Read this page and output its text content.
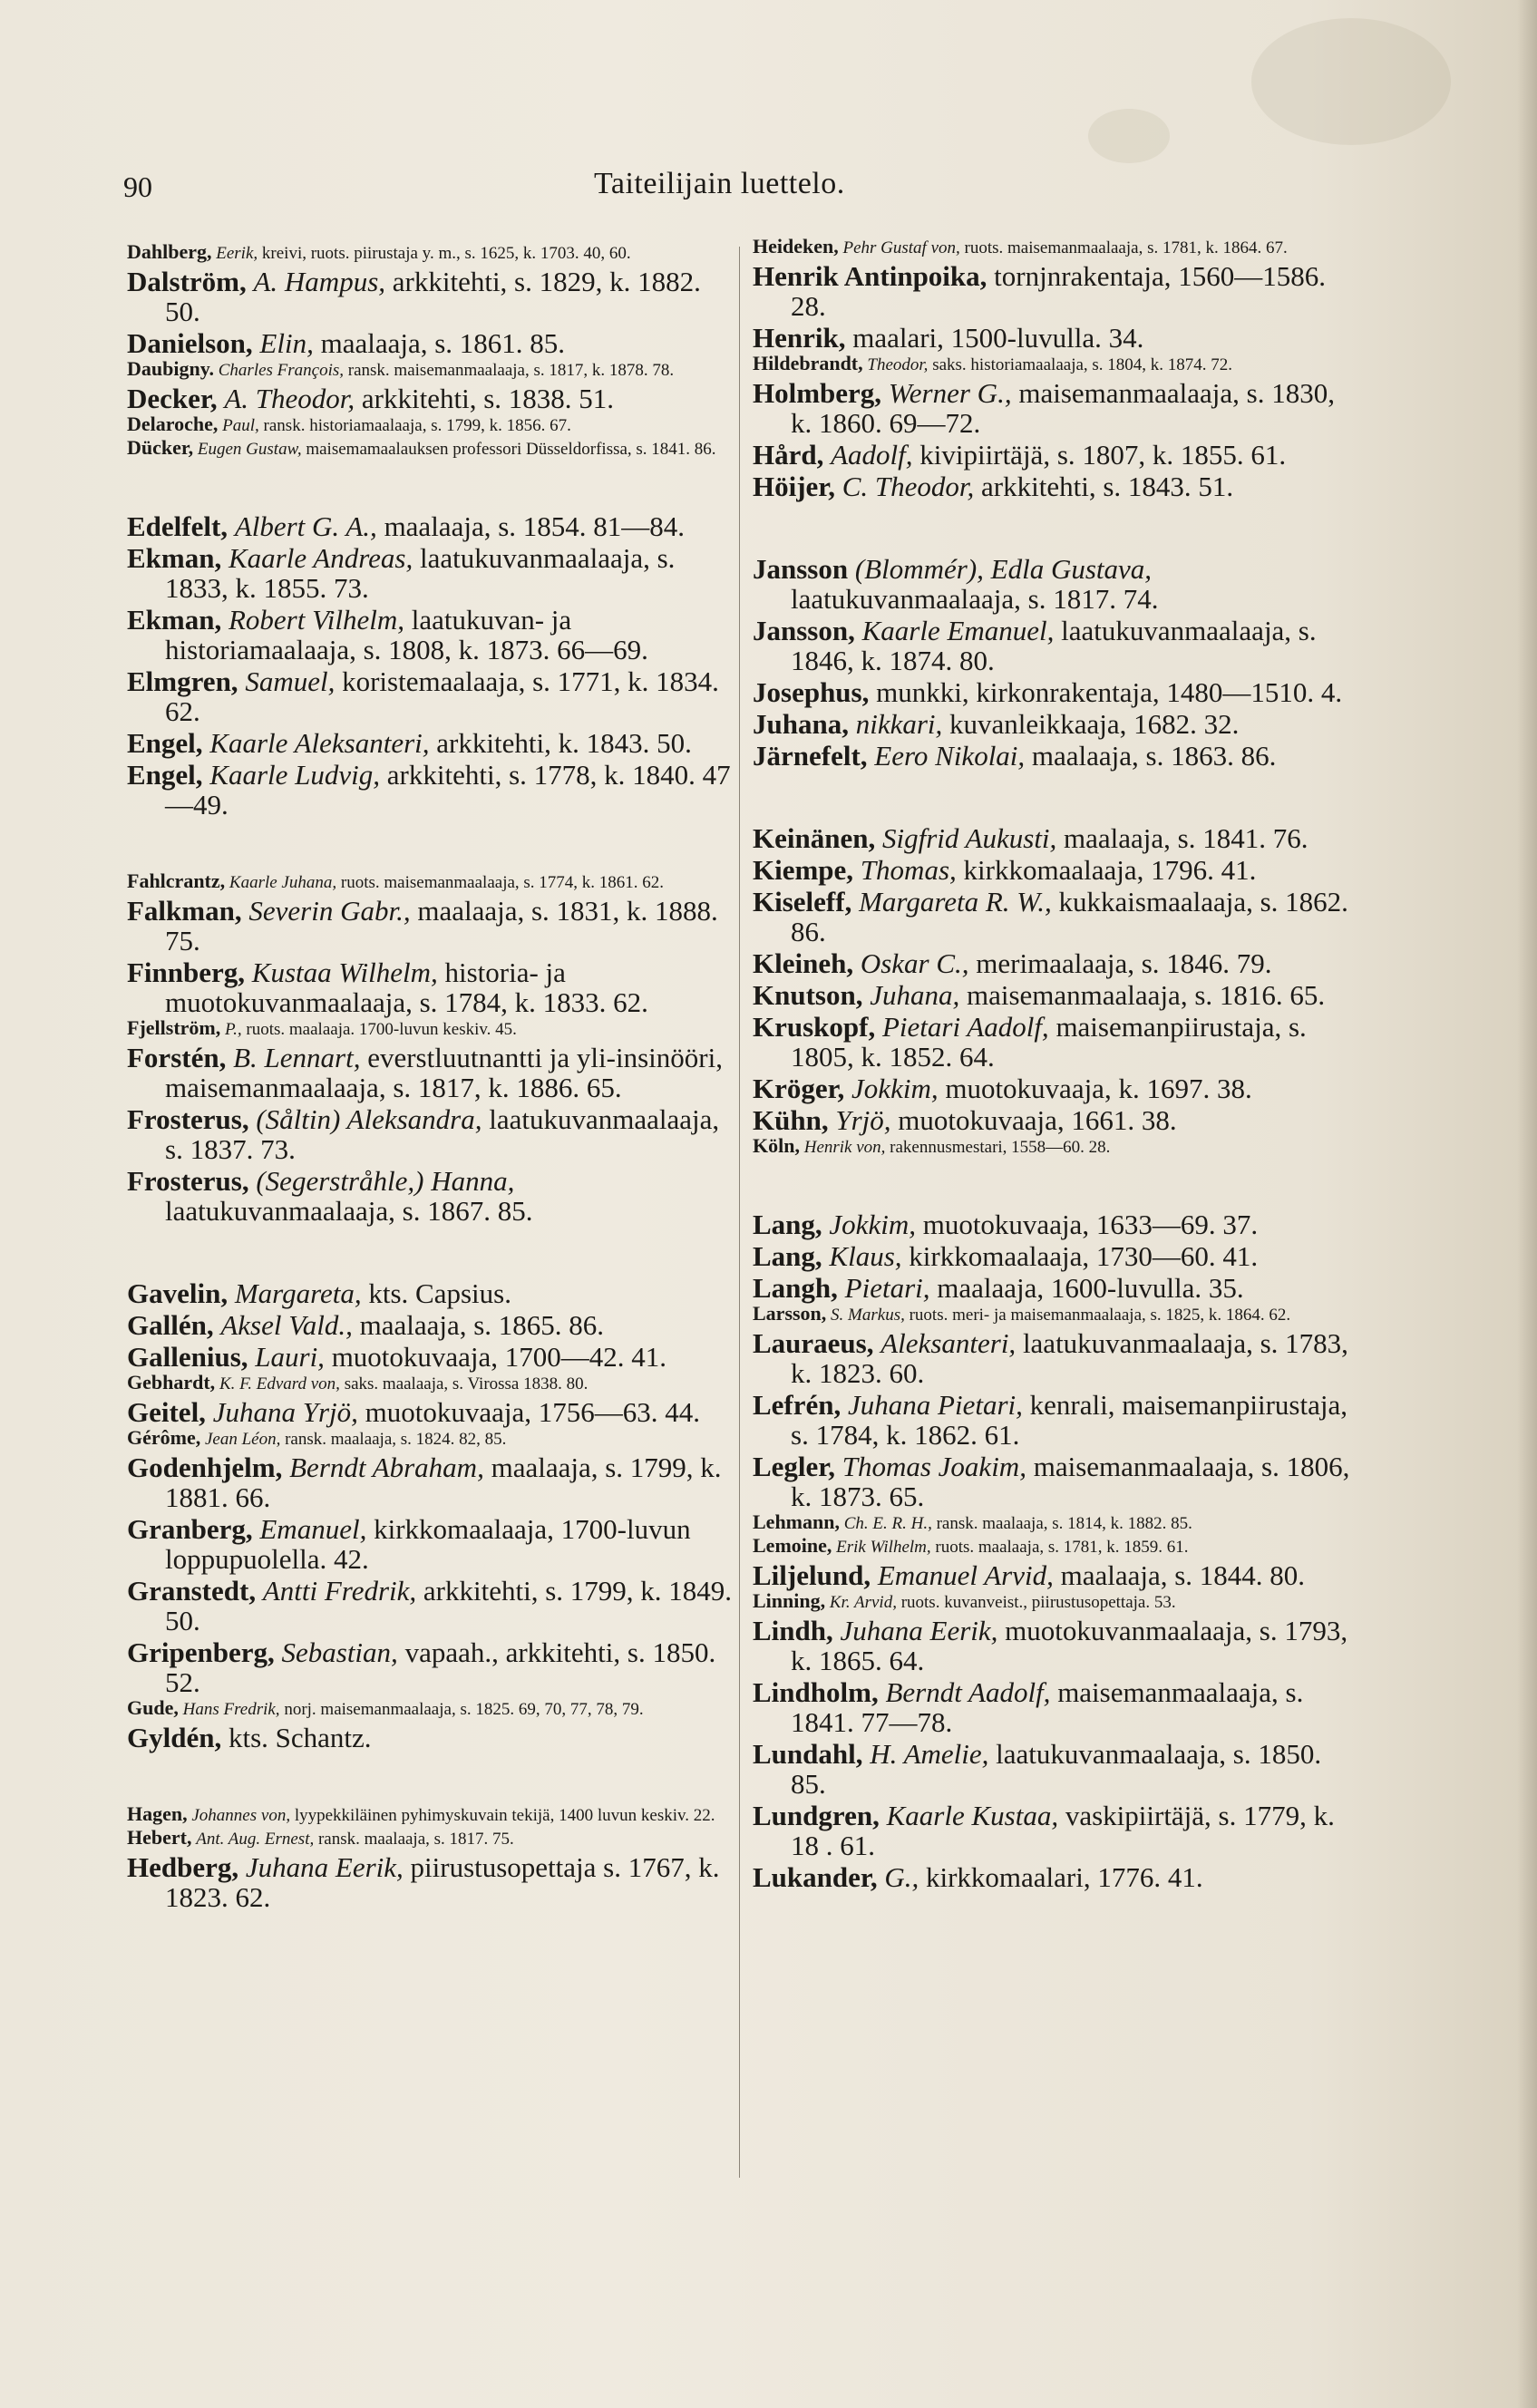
90	Taiteilijain luettelo.

Dahlberg, Eerik, kreivi, ruots. piirustaja y. m., s. 1625, k. 1703. 40, 60.

Dalström, A. Hampus, arkkitehti, s. 1829, k. 1882. 50.

Danielson, Elin, maalaaja, s. 1861. 85.

Daubigny. Charles François, ransk. maisemanmaalaaja, s. 1817, k. 1878. 78.

Decker, A. Theodor, arkkitehti, s. 1838. 51.

Delaroche, Paul, ransk. historiamaalaaja, s. 1799, k. 1856. 67.

Dücker, Eugen Gustaw, maisemamaalauksen professori Düsseldorfissa, s. 1841. 86.

Edelfelt, Albert G. A., maalaaja, s. 1854. 81—84.

Ekman, Kaarle Andreas, laatukuvanmaalaaja, s. 1833, k. 1855. 73.

Ekman, Robert Vilhelm, laatukuvan- ja historiamaalaaja, s. 1808, k. 1873. 66—69.

Elmgren, Samuel, koristemaalaaja, s. 1771, k. 1834. 62.

Engel, Kaarle Aleksanteri, arkkitehti, k. 1843. 50.

Engel, Kaarle Ludvig, arkkitehti, s. 1778, k. 1840. 47—49.

Fahlcrantz, Kaarle Juhana, ruots. maisemanmaalaaja, s. 1774, k. 1861. 62.

Falkman, Severin Gabr., maalaaja, s. 1831, k. 1888. 75.

Finnberg, Kustaa Wilhelm, historia- ja muotokuvanmaalaaja, s. 1784, k. 1833. 62.

Fjellström, P., ruots. maalaaja. 1700-luvun keskiv. 45.

Forstén, B. Lennart, everstluutnantti ja yli-insinööri, maisemanmaalaaja, s. 1817, k. 1886. 65.

Frosterus, (Såltin) Aleksandra, laatukuvanmaalaaja, s. 1837. 73.

Frosterus, (Segerstråhle,) Hanna, laatukuvanmaalaaja, s. 1867. 85.

Gavelin, Margareta, kts. Capsius.

Gallén, Aksel Vald., maalaaja, s. 1865. 86.

Gallenius, Lauri, muotokuvaaja, 1700—42. 41.

Gebhardt, K. F. Edvard von, saks. maalaaja, s. Virossa 1838. 80.

Geitel, Juhana Yrjö, muotokuvaaja, 1756—63. 44.

Gérôme, Jean Léon, ransk. maalaaja, s. 1824. 82, 85.

Godenhjelm, Berndt Abraham, maalaaja, s. 1799, k. 1881. 66.

Granberg, Emanuel, kirkkomaalaaja, 1700-luvun loppupuolella. 42.

Granstedt, Antti Fredrik, arkkitehti, s. 1799, k. 1849. 50.

Gripenberg, Sebastian, vapaah., arkkitehti, s. 1850. 52.

Gude, Hans Fredrik, norj. maisemanmaalaaja, s. 1825. 69, 70, 77, 78, 79.

Gyldén, kts. Schantz.

Hagen, Johannes von, lyypekkiläinen pyhimyskuvain tekijä, 1400 luvun keskiv. 22.

Hebert, Ant. Aug. Ernest, ransk. maalaaja, s. 1817. 75.

Hedberg, Juhana Eerik, piirustusopettaja s. 1767, k. 1823. 62.

Heideken, Pehr Gustaf von, ruots. maisemanmaalaaja, s. 1781, k. 1864. 67.

Henrik Antinpoika, tornjnrakentaja, 1560—1586. 28.

Henrik, maalari, 1500-luvulla. 34.

Hildebrandt, Theodor, saks. historiamaalaaja, s. 1804, k. 1874. 72.

Holmberg, Werner G., maisemanmaalaaja, s. 1830, k. 1860. 69—72.

Hård, Aadolf, kivipiirtäjä, s. 1807, k. 1855. 61.

Höijer, C. Theodor, arkkitehti, s. 1843. 51.

Jansson (Blommér), Edla Gustava, laatukuvanmaalaaja, s. 1817. 74.

Jansson, Kaarle Emanuel, laatukuvanmaalaaja, s. 1846, k. 1874. 80.

Josephus, munkki, kirkonrakentaja, 1480—1510. 4.

Juhana, nikkari, kuvanleikkaaja, 1682. 32.

Järnefelt, Eero Nikolai, maalaaja, s. 1863. 86.

Keinänen, Sigfrid Aukusti, maalaaja, s. 1841. 76.

Kiempe, Thomas, kirkkomaalaaja, 1796. 41.

Kiseleff, Margareta R. W., kukkaismaalaaja, s. 1862. 86.

Kleineh, Oskar C., merimaalaaja, s. 1846. 79.

Knutson, Juhana, maisemanmaalaaja, s. 1816. 65.

Kruskopf, Pietari Aadolf, maisemanpiirustaja, s. 1805, k. 1852. 64.

Kröger, Jokkim, muotokuvaaja, k. 1697. 38.

Kühn, Yrjö, muotokuvaaja, 1661. 38.

Köln, Henrik von, rakennusmestari, 1558—60. 28.

Lang, Jokkim, muotokuvaaja, 1633—69. 37.

Lang, Klaus, kirkkomaalaaja, 1730—60. 41.

Langh, Pietari, maalaaja, 1600-luvulla. 35.

Larsson, S. Markus, ruots. meri- ja maisemanmaalaaja, s. 1825, k. 1864. 62.

Lauraeus, Aleksanteri, laatukuvanmaalaaja, s. 1783, k. 1823. 60.

Lefrén, Juhana Pietari, kenrali, maisemanpiirustaja, s. 1784, k. 1862. 61.

Legler, Thomas Joakim, maisemanmaalaaja, s. 1806, k. 1873. 65.

Lehmann, Ch. E. R. H., ransk. maalaaja, s. 1814, k. 1882. 85.

Lemoine, Erik Wilhelm, ruots. maalaaja, s. 1781, k. 1859. 61.

Liljelund, Emanuel Arvid, maalaaja, s. 1844. 80.

Linning, Kr. Arvid, ruots. kuvanveist., piirustusopettaja. 53.

Lindh, Juhana Eerik, muotokuvanmaalaaja, s. 1793, k. 1865. 64.

Lindholm, Berndt Aadolf, maisemanmaalaaja, s. 1841. 77—78.

Lundahl, H. Amelie, laatukuvanmaalaaja, s. 1850. 85.

Lundgren, Kaarle Kustaa, vaskipiirtäjä, s. 1779, k. 18 . 61.

Lukander, G., kirkkomaalari, 1776. 41.
